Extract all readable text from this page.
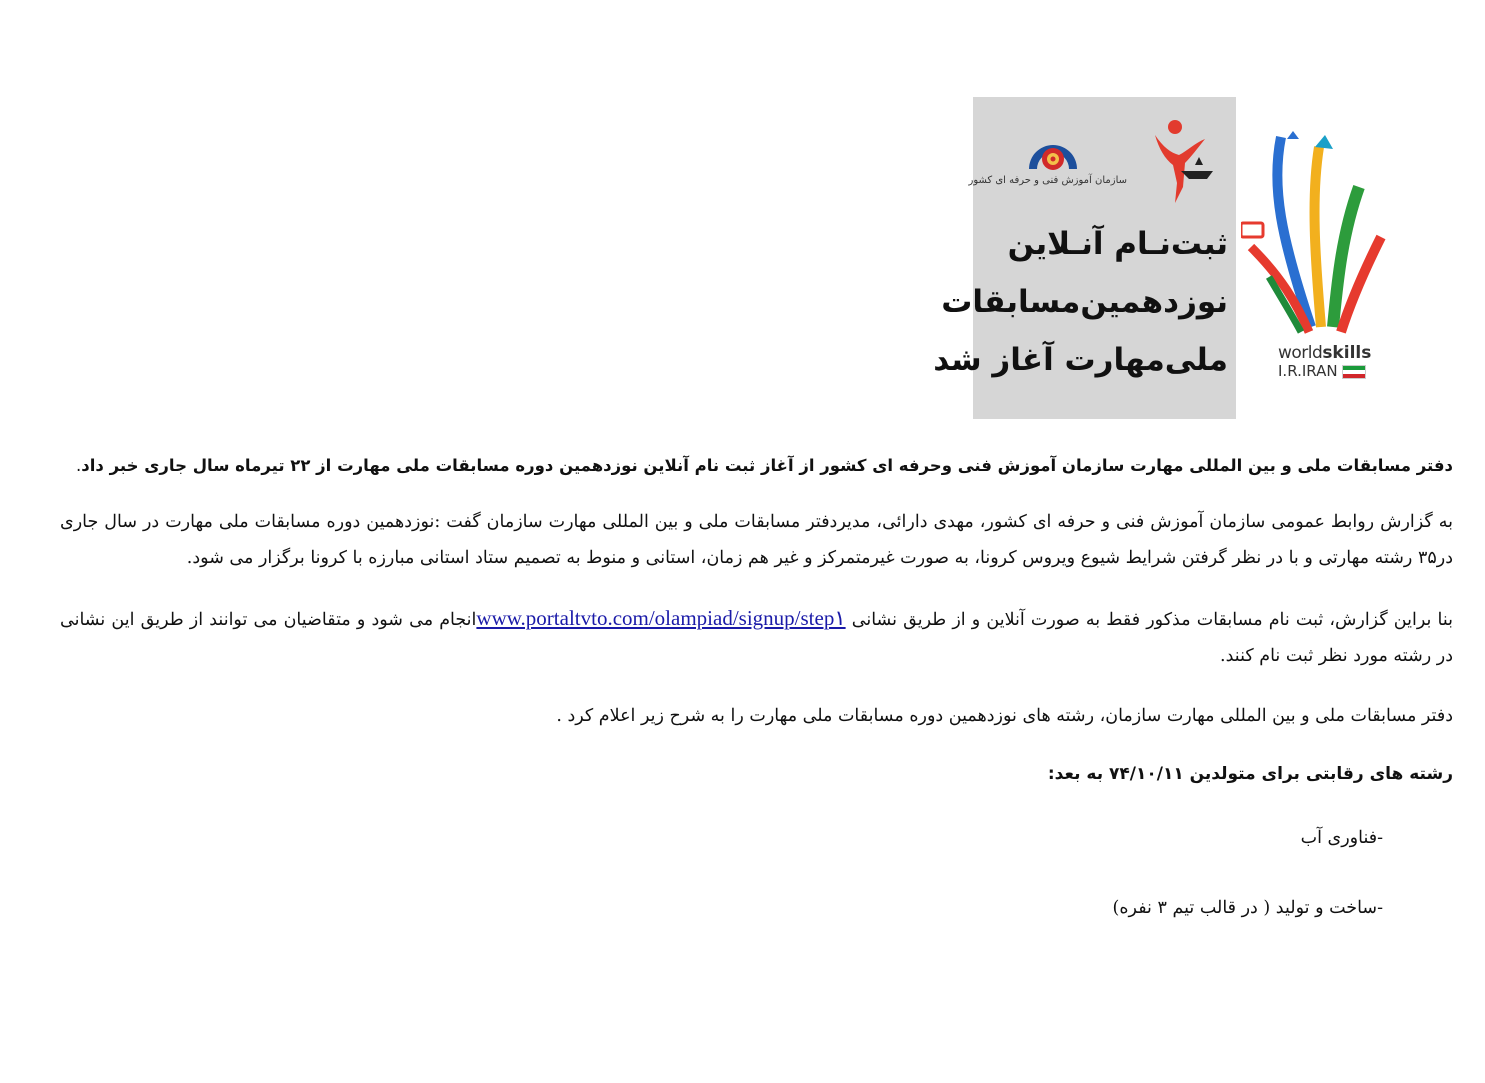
سازمان آموزش فنی و حرفه ای کشور
ثبت‌نـام آنـلاین
نوزدهمین‌مسابقات
ملی‌مهارت آغاز شد	worldskills
I.R.IRAN

دفتر مسابقات ملی و بین المللی مهارت سازمان آموزش فنی وحرفه ای کشور از آغاز ثبت نام آنلاین نوزدهمین دوره مسابقات ملی مهارت از ۲۲ تیرماه سال جاری خبر داد.

به گزارش روابط عمومی سازمان آموزش فنی و حرفه ای کشور، مهدی دارائی، مدیردفتر مسابقات ملی و بین المللی مهارت سازمان گفت :نوزدهمین دوره مسابقات ملی مهارت در سال جاری در۳۵ رشته مهارتی و با در نظر گرفتن شرایط شیوع ویروس کرونا، به صورت غیرمتمرکز و غیر هم زمان، استانی و منوط به تصمیم ستاد استانی مبارزه با کرونا برگزار می شود.

بنا براین گزارش، ثبت نام مسابقات مذکور فقط به صورت آنلاین و از طریق نشانی www.portaltvto.com/olampiad/signup/step۱انجام می شود و متقاضیان می توانند از طریق این نشانی در رشته مورد نظر ثبت نام کنند.

دفتر مسابقات ملی و بین المللی مهارت سازمان، رشته های نوزدهمین دوره مسابقات ملی مهارت را به شرح زیر اعلام کرد .

رشته های رقابتی برای متولدین ۷۴/۱۰/۱۱ به بعد:

-فناوری آب

-ساخت و تولید ( در قالب تیم ۳ نفره)
